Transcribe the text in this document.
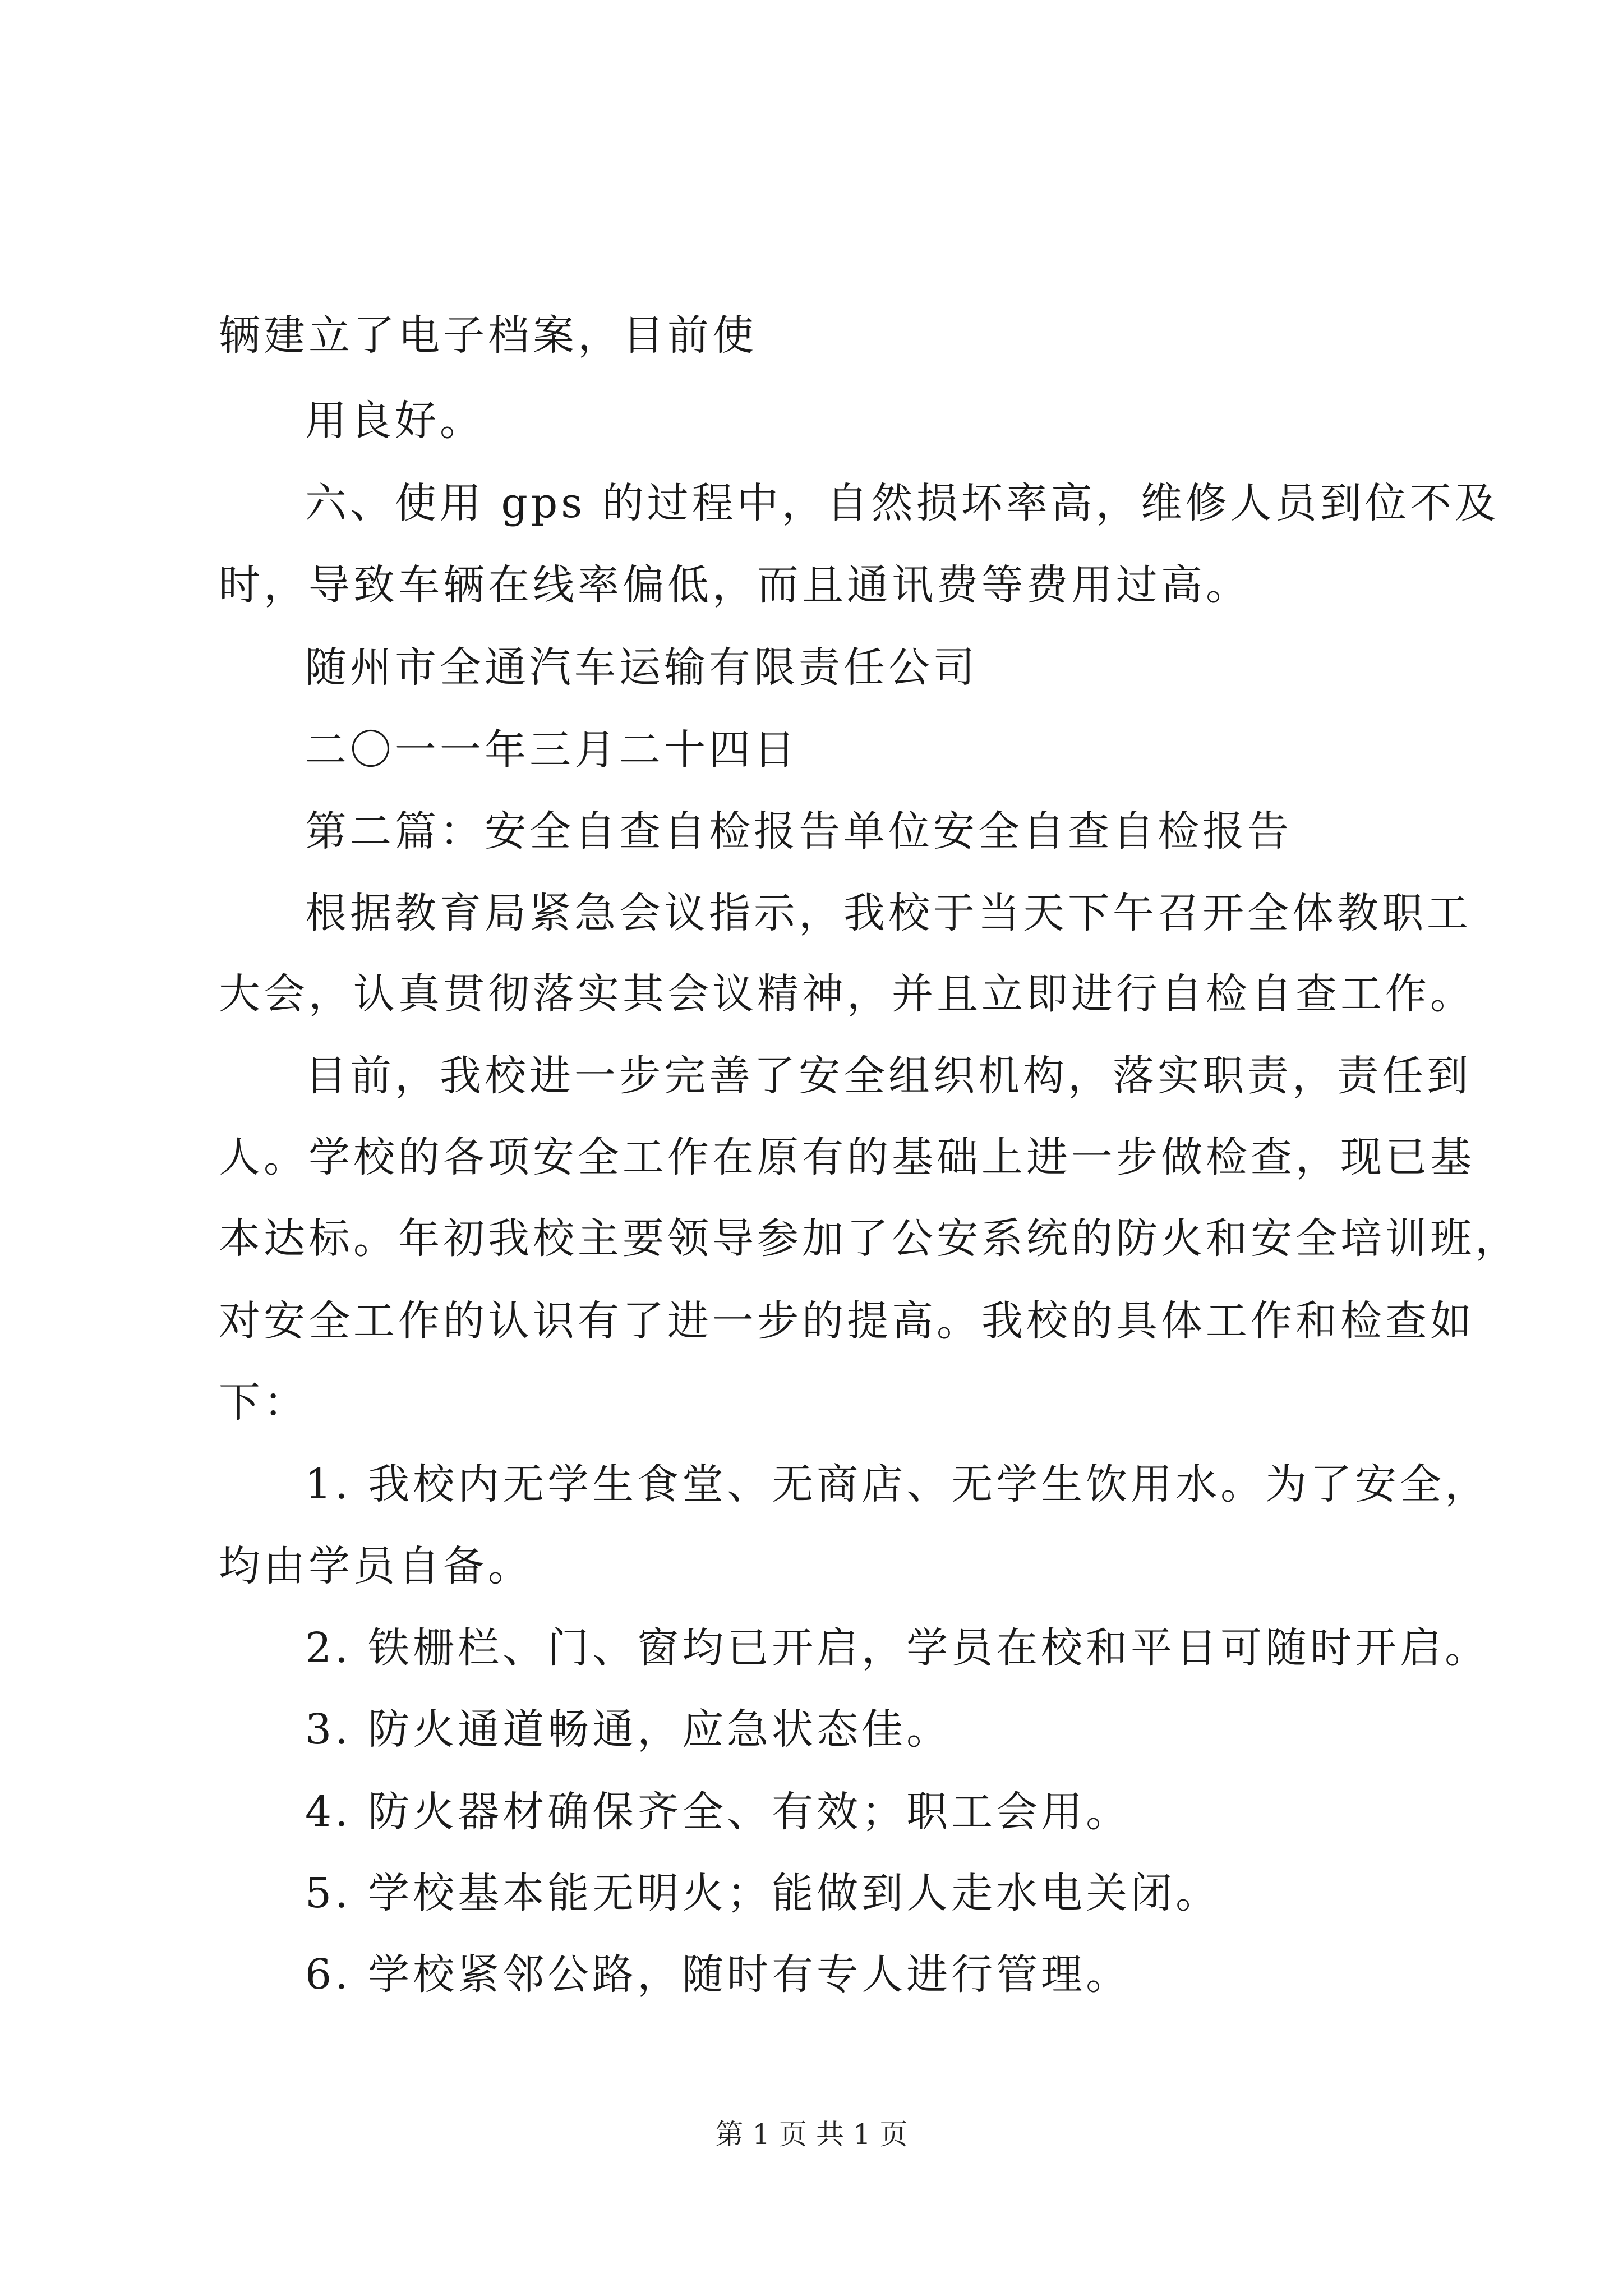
辆建立了电子档案，目前使
用良好。
六、使用 gps 的过程中，自然损坏率高，维修人员到位不及
时，导致车辆在线率偏低，而且通讯费等费用过高。
随州市全通汽车运输有限责任公司
二〇一一年三月二十四日
第二篇：安全自查自检报告单位安全自查自检报告
根据教育局紧急会议指示，我校于当天下午召开全体教职工
大会，认真贯彻落实其会议精神，并且立即进行自检自查工作。
目前，我校进一步完善了安全组织机构，落实职责，责任到
人。学校的各项安全工作在原有的基础上进一步做检查，现已基
本达标。年初我校主要领导参加了公安系统的防火和安全培训班，
对安全工作的认识有了进一步的提高。我校的具体工作和检查如
下：
1. 我校内无学生食堂、无商店、无学生饮用水。为了安全，
均由学员自备。
2. 铁栅栏、门、窗均已开启，学员在校和平日可随时开启。
3. 防火通道畅通，应急状态佳。
4. 防火器材确保齐全、有效；职工会用。
5. 学校基本能无明火；能做到人走水电关闭。
6. 学校紧邻公路，随时有专人进行管理。
第 1 页 共 1 页
